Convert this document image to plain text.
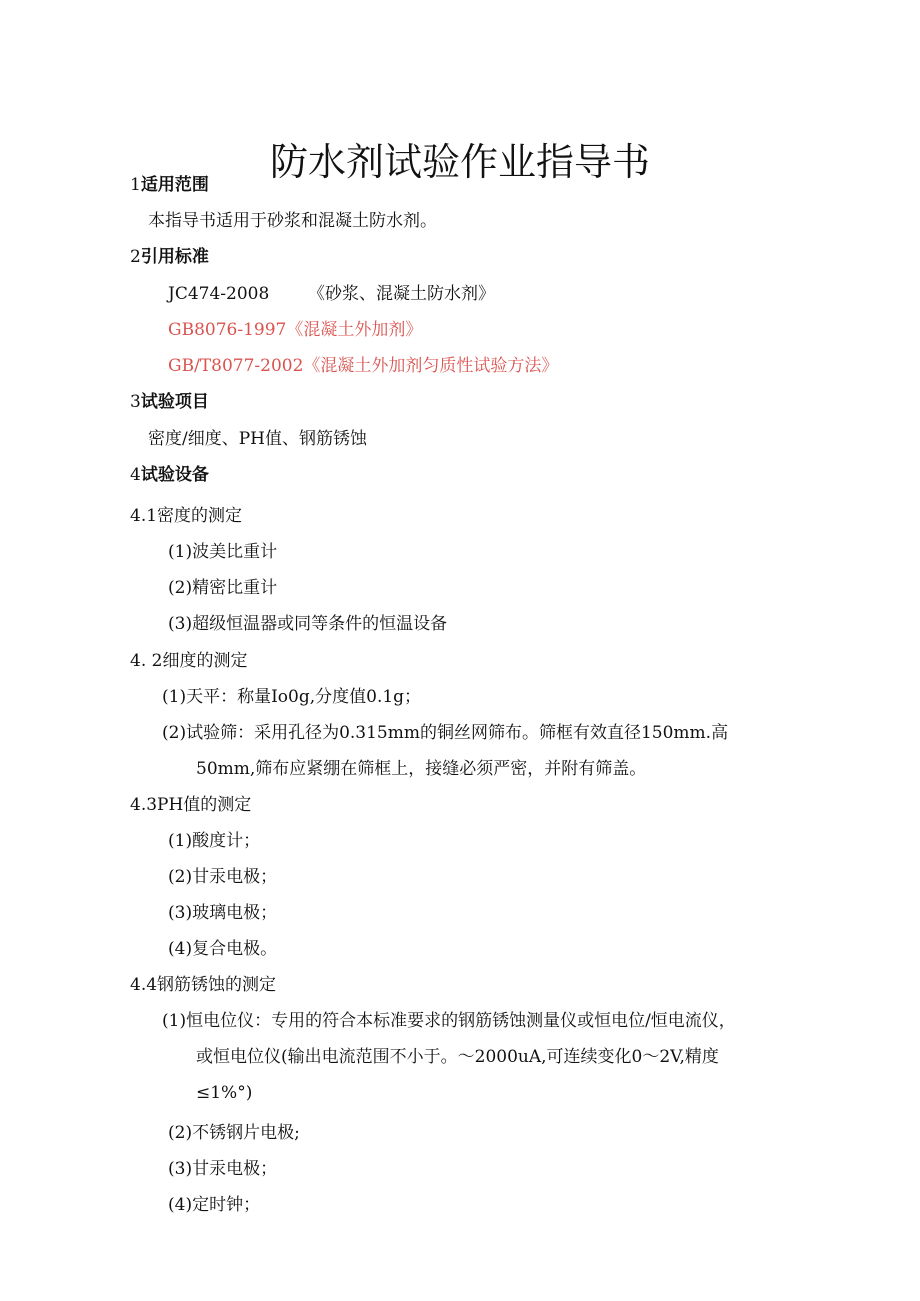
防水剂试验作业指导书
1适用范围
本指导书适用于砂浆和混凝土防水剂。
2引用标准
JC474-2008 《砂浆、混凝土防水剂》
GB8076-1997《混凝土外加剂》
GB/T8077-2002《混凝土外加剂匀质性试验方法》
3试验项目
密度/细度、PH值、钢筋锈蚀
4试验设备
4.1密度的测定
(1)波美比重计
(2)精密比重计
(3)超级恒温器或同等条件的恒温设备
4. 2细度的测定
(1)天平：称量Io0g,分度值0.1g；
(2)试验筛：采用孔径为0.315mm的铜丝网筛布。筛框有效直径150mm.高
50mm,筛布应紧绷在筛框上，接缝必须严密，并附有筛盖。
4.3PH值的测定
(1)酸度计；
(2)甘汞电极；
(3)玻璃电极；
(4)复合电极。
4.4钢筋锈蚀的测定
(1)恒电位仪：专用的符合本标准要求的钢筋锈蚀测量仪或恒电位/恒电流仪，
或恒电位仪(输出电流范围不小于。～2000uA,可连续变化0～2V,精度
≤1%°)
(2)不锈钢片电极;
(3)甘汞电极；
(4)定时钟；
